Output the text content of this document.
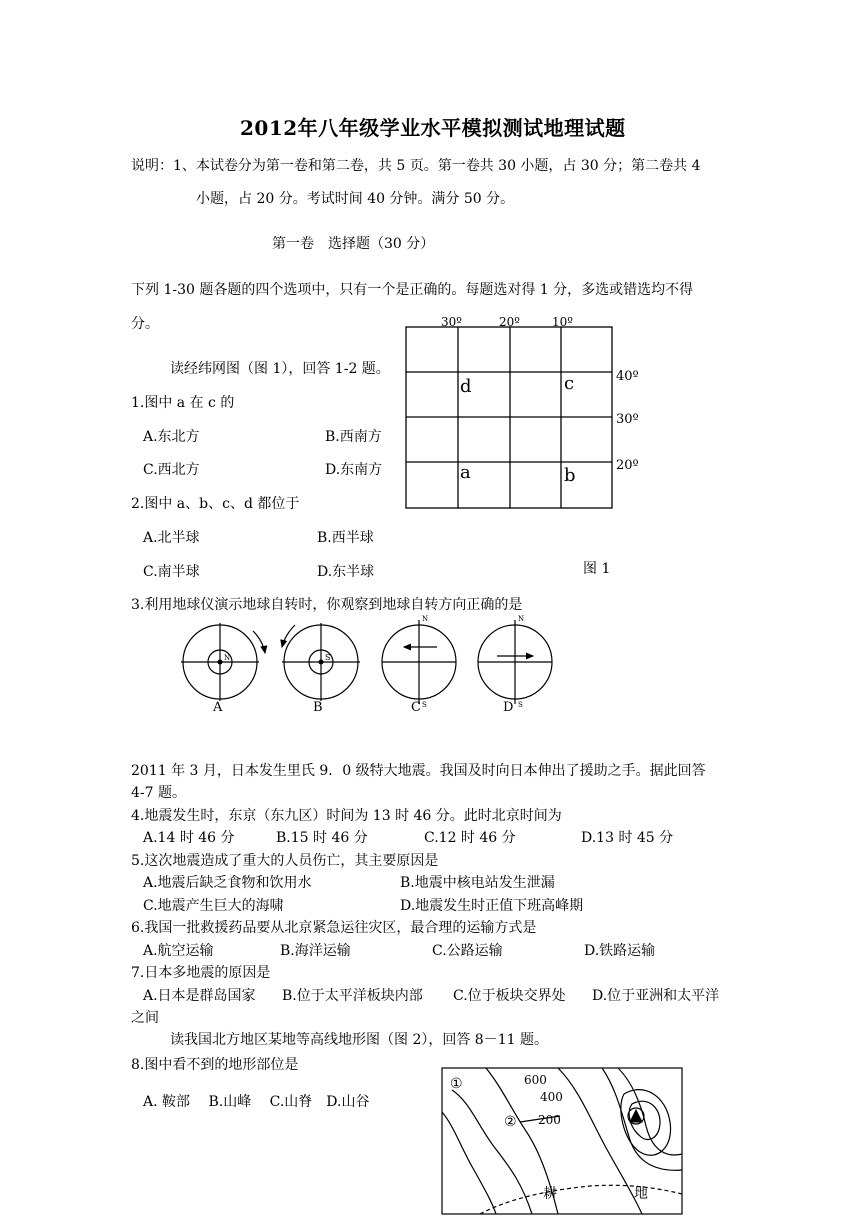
2012年八年级学业水平模拟测试地理试题
说明：1、本试卷分为第一卷和第二卷，共 5 页。第一卷共 30 小题，占 30 分；第二卷共 4
小题，占 20 分。考试时间 40 分钟。满分 50 分。
第一卷　选择题（30 分）
下列 1-30 题各题的四个选项中，只有一个是正确的。每题选对得 1 分，多选或错选均不得
分。
读经纬网图（图 1），回答 1-2 题。
1.图中 a 在 c 的
A.东北方	B.西南方
C.西北方	D.东南方
2.图中 a、b、c、d 都位于
A.北半球	B.西半球
C.南半球	D.东半球
30º	20º	10º
40º
30º
20º
d	c
a	b
图 1
3.利用地球仪演示地球自转时，你观察到地球自转方向正确的是
N	S
N
S
N
S
A	B	C	D
2011 年 3 月，日本发生里氏 9．0 级特大地震。我国及时向日本伸出了援助之手。据此回答
4-7 题。
4.地震发生时，东京（东九区）时间为 13 时 46 分。此时北京时间为
A.14 时 46 分	B.15 时 46 分	C.12 时 46 分	D.13 时 45 分
5.这次地震造成了重大的人员伤亡，其主要原因是
A.地震后缺乏食物和饮用水	B.地震中核电站发生泄漏
C.地震产生巨大的海啸	D.地震发生时正值下班高峰期
6.我国一批救援药品要从北京紧急运往灾区，最合理的运输方式是
A.航空运输	B.海洋运输	C.公路运输	D.铁路运输
7.日本多地震的原因是
A.日本是群岛国家 B.位于太平洋板块内部 C.位于板块交界处 D.位于亚洲和太平洋
之间
读我国北方地区某地等高线地形图（图 2），回答 8－11 题。
8.图中看不到的地形部位是
A. 鞍部　 B.山峰　 C.山脊　D.山谷
600
400
200
①
②
耕	地
